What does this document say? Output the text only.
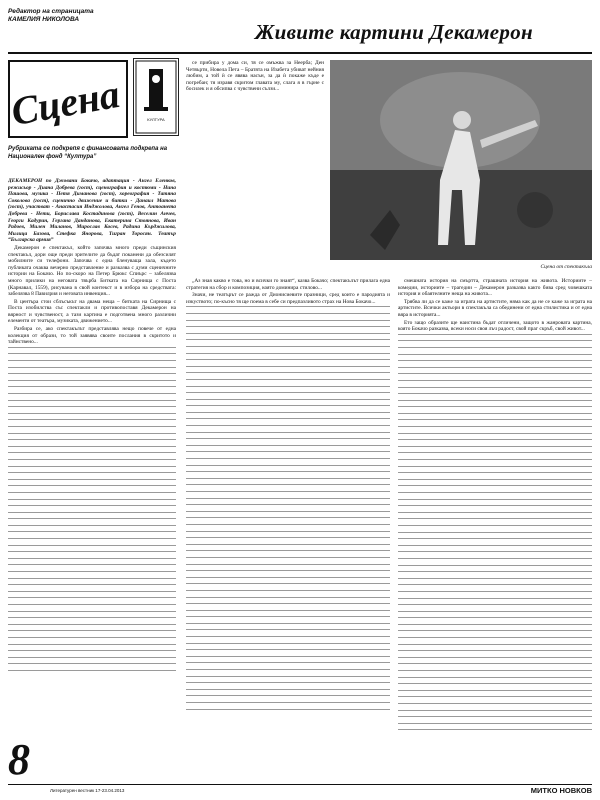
Редактор на страницата
КАМЕЛИЯ НИКОЛОВА
Живите картини Декамерон
Сцена	КУЛТУРА
Рубриката се подкрепя с финансовата подкрепа на Национален фонд “Култура”

ДЕКАМЕРОН по Джовани Бокачо, адаптация - Ангел Еленков, режисьор - Диана Добрева (гост), сценография и костюми - Нина Пашова, музика - Петя Диманова (гост), хореография - Татяна Соколова (гост), сценично движение и битки - Данаил Матова (гост), участват - Анастасия Инджолова, Ангел Генов, Антоанета Добрева - Нети, Борислава Костадинова (гост), Веселин Анчев, Георги Кадурин, Гергана Данданова, Екатерина Стоянова, Иван Радоев, Милен Миланов, Мирослав Косев, Радина Кърджилова, Милица Базова, Стефка Янорова, Тигран Торосян. Театър “Българска армия”

Декамерон е спектакъл, който започва много преди същинския спектакъл, дори още преди зрителите да бъдат поканени да обезсилят мобилните си телефони. Започва с една бленуваща зала, където публиката очаква вечерно представление и разказва с думи сценичните истории на Бокачо. Но по-скоро на Петер Брюкс Спиърс – забелязва много прилики на неговата твърба Битката на Сирнища с Поста (Карнавал, 1559), рисувана в свой контекст и в избора на средствата: забелязва 8 Павилрия и неговата инвенция...

В центъра стои сблъсъкът на двама неща – битката на Сирнища с Поста изобилства със спектакли и противопоставя Декамерон на вярност и чувственост, а тази картина е подготвена много различни елементи от театъра, музиката, движението...

Разбира се, ако спектакълът представлява нещо повече от една колекция от образи, то той заявява своите послания в скритото и тайнствено...

се прибира у дома си, тя се омъжва за Неерба; Ден Четвърти, Новела Пета – Братята на Изабета убиват нейния любим, а той ѝ се явява насън, за да ѝ покаже къде е погребан; тя изравя скритом главата му, слага я в гърне с босилек и я обсипва с чувствени сълзи...

„Аз зная какво е това, но и всички го знаят“, казва Бокачо; спектакълът прилага една стратегия на сбор и композиция, която доминира стилово...

Значи, не театърът се ражда от Дионисиевите празници, сред които е пародията и изкуството; по-късно тя ще поема в себе си предпазливото страх на Нова Бокачо...

Сцена от спектакъла

смешната история на смъртта, страшната история на живота. Историите – комедии, историите – трагедии – Декамерон разказва както бива сред човешката история и обаятелните неща на живота...

Трябва ли да се каже за играта на артистите, няма как да не се каже за играта на артистите. Всички актьори в спектакъла са обединени от една стилистика и от една вяра в историята...

Ето защо образите ще наистина бъдат отличени, защото в жанровата картина, която Бокачо разказва, всеки носи своя лъч радост, свой праг скръб, свой живот...

8
Литературен вестник 17-23.04.2013	МИТКО НОВКОВ
